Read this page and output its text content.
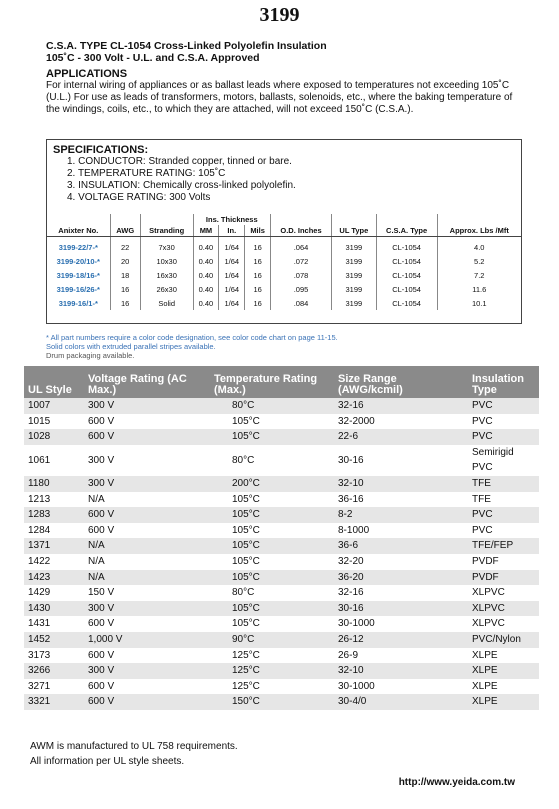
3199
C.S.A. TYPE CL-1054 Cross-Linked Polyolefin Insulation
105˚C - 300 Volt - U.L. and C.S.A. Approved
APPLICATIONS
For internal wiring of appliances or as ballast leads where exposed to temperatures not exceeding 105˚C (U.L.) For use as leads of transformers, motors, ballasts, solenoids, etc., where the baking temperature of the windings, coils, etc., to which they are attached, will not exceed 150˚C (C.S.A.).
SPECIFICATIONS:
1. CONDUCTOR: Stranded copper, tinned or bare.
2. TEMPERATURE RATING: 105˚C
3. INSULATION: Chemically cross-linked polyolefin.
4. VOLTAGE RATING: 300 Volts
			Ins. Thickness						
Anixter No.	AWG	Stranding	MM	In.	Mils	O.D. Inches	UL Type	C.S.A. Type	Approx. Lbs /Mft
3199-22/7-*	22	7x30	0.40	1/64	16	.064	3199	CL-1054	4.0
3199-20/10-*	20	10x30	0.40	1/64	16	.072	3199	CL-1054	5.2
3199-18/16-*	18	16x30	0.40	1/64	16	.078	3199	CL-1054	7.2
3199-16/26-*	16	26x30	0.40	1/64	16	.095	3199	CL-1054	11.6
3199-16/1-*	16	Solid	0.40	1/64	16	.084	3199	CL-1054	10.1
* All part numbers require a color code designation, see color code chart on page 11-15.
Solid colors with extruded parallel stripes available.
Drum packaging available.
UL Style	Voltage Rating (AC Max.)	Temperature Rating (Max.)	Size Range (AWG/kcmil)	Insulation Type
1007	300 V	80°C	32-16	PVC
1015	600 V	105°C	32-2000	PVC
1028	600 V	105°C	22-6	PVC
1061	300 V	80°C	30-16	Semirigid PVC
1180	300 V	200°C	32-10	TFE
1213	N/A	105°C	36-16	TFE
1283	600 V	105°C	8-2	PVC
1284	600 V	105°C	8-1000	PVC
1371	N/A	105°C	36-6	TFE/FEP
1422	N/A	105°C	32-20	PVDF
1423	N/A	105°C	36-20	PVDF
1429	150 V	80°C	32-16	XLPVC
1430	300 V	105°C	30-16	XLPVC
1431	600 V	105°C	30-1000	XLPVC
1452	1,000 V	90°C	26-12	PVC/Nylon
3173	600 V	125°C	26-9	XLPE
3266	300 V	125°C	32-10	XLPE
3271	600 V	125°C	30-1000	XLPE
3321	600 V	150°C	30-4/0	XLPE
AWM is manufactured to UL 758 requirements.
All information per UL style sheets.
http://www.yeida.com.tw
